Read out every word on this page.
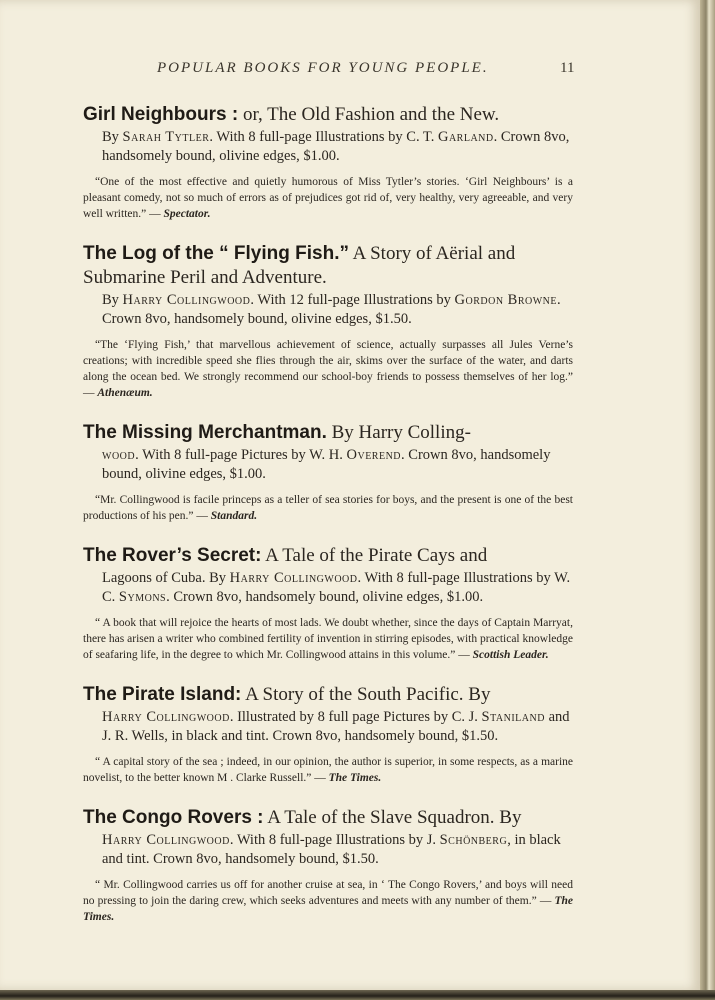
POPULAR BOOKS FOR YOUNG PEOPLE.	11
Girl Neighbours : or, The Old Fashion and the New.
By Sarah Tytler. With 8 full-page Illustrations by C. T. Garland. Crown 8vo, handsomely bound, olivine edges, $1.00.
“One of the most effective and quietly humorous of Miss Tytler’s stories. ‘Girl Neighbours’ is a pleasant comedy, not so much of errors as of prejudices got rid of, very healthy, very agreeable, and very well written.” — Spectator.
The Log of the “ Flying Fish.” A Story of Aërial and Submarine Peril and Adventure.
By Harry Collingwood. With 12 full-page Illustrations by Gordon Browne. Crown 8vo, handsomely bound, olivine edges, $1.50.
“The ‘Flying Fish,’ that marvellous achievement of science, actually surpasses all Jules Verne’s creations; with incredible speed she flies through the air, skims over the surface of the water, and darts along the ocean bed. We strongly recommend our school-boy friends to possess themselves of her log.” — Athenæum.
The Missing Merchantman. By Harry Colling-
wood. With 8 full-page Pictures by W. H. Overend. Crown 8vo, handsomely bound, olivine edges, $1.00.
“Mr. Collingwood is facile princeps as a teller of sea stories for boys, and the present is one of the best productions of his pen.” — Standard.
The Rover’s Secret: A Tale of the Pirate Cays and
Lagoons of Cuba. By Harry Collingwood. With 8 full-page Illustrations by W. C. Symons. Crown 8vo, handsomely bound, olivine edges, $1.00.
“ A book that will rejoice the hearts of most lads. We doubt whether, since the days of Captain Marryat, there has arisen a writer who combined fertility of invention in stirring episodes, with practical knowledge of seafaring life, in the degree to which Mr. Collingwood attains in this volume.” — Scottish Leader.
The Pirate Island: A Story of the South Pacific. By
Harry Collingwood. Illustrated by 8 full page Pictures by C. J. Staniland and J. R. Wells, in black and tint. Crown 8vo, handsomely bound, $1.50.
“ A capital story of the sea ; indeed, in our opinion, the author is superior, in some respects, as a marine novelist, to the better known M . Clarke Russell.” — The Times.
The Congo Rovers : A Tale of the Slave Squadron. By
Harry Collingwood. With 8 full-page Illustrations by J. Schönberg, in black and tint. Crown 8vo, handsomely bound, $1.50.
“ Mr. Collingwood carries us off for another cruise at sea, in ‘ The Congo Rovers,’ and boys will need no pressing to join the daring crew, which seeks adventures and meets with any number of them.” — The Times.
